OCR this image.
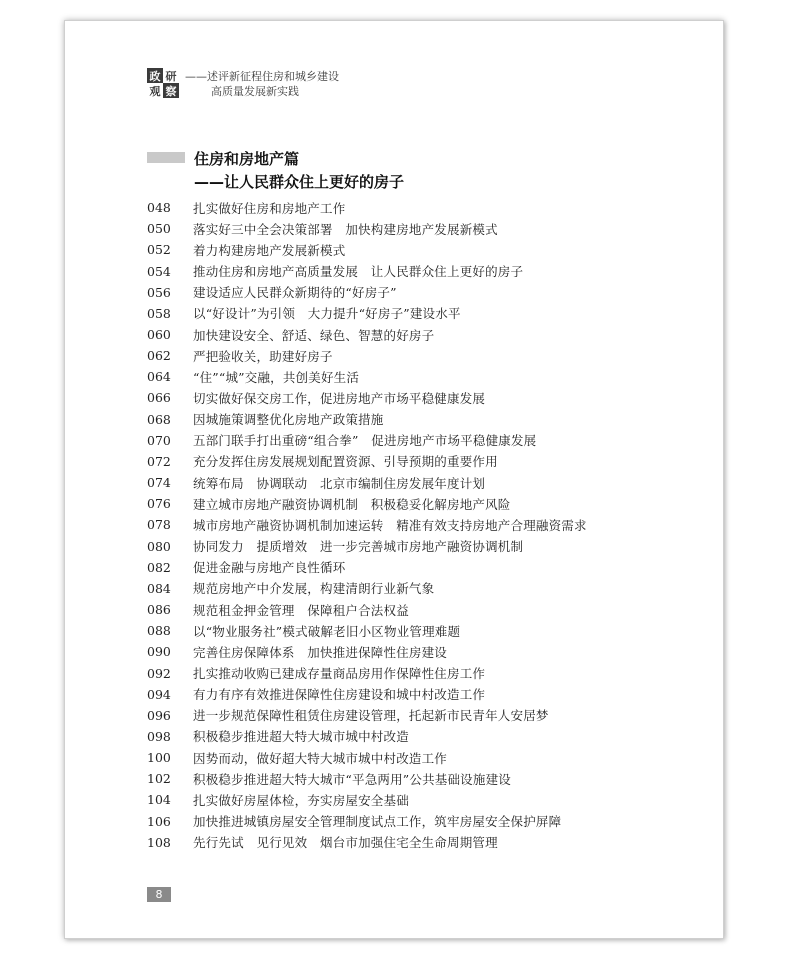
政 研
观 察
——述评新征程住房和城乡建设
高质量发展新实践
住房和房地产篇
——让人民群众住上更好的房子
048	扎实做好住房和房地产工作
050	落实好三中全会决策部署　加快构建房地产发展新模式
052	着力构建房地产发展新模式
054	推动住房和房地产高质量发展　让人民群众住上更好的房子
056	建设适应人民群众新期待的“好房子”
058	以“好设计”为引领　大力提升“好房子”建设水平
060	加快建设安全、舒适、绿色、智慧的好房子
062	严把验收关，助建好房子
064	“住”“城”交融，共创美好生活
066	切实做好保交房工作，促进房地产市场平稳健康发展
068	因城施策调整优化房地产政策措施
070	五部门联手打出重磅“组合拳”　促进房地产市场平稳健康发展
072	充分发挥住房发展规划配置资源、引导预期的重要作用
074	统筹布局　协调联动　北京市编制住房发展年度计划
076	建立城市房地产融资协调机制　积极稳妥化解房地产风险
078	城市房地产融资协调机制加速运转　精准有效支持房地产合理融资需求
080	协同发力　提质增效　进一步完善城市房地产融资协调机制
082	促进金融与房地产良性循环
084	规范房地产中介发展，构建清朗行业新气象
086	规范租金押金管理　保障租户合法权益
088	以“物业服务社”模式破解老旧小区物业管理难题
090	完善住房保障体系　加快推进保障性住房建设
092	扎实推动收购已建成存量商品房用作保障性住房工作
094	有力有序有效推进保障性住房建设和城中村改造工作
096	进一步规范保障性租赁住房建设管理，托起新市民青年人安居梦
098	积极稳步推进超大特大城市城中村改造
100	因势而动，做好超大特大城市城中村改造工作
102	积极稳步推进超大特大城市“平急两用”公共基础设施建设
104	扎实做好房屋体检，夯实房屋安全基础
106	加快推进城镇房屋安全管理制度试点工作，筑牢房屋安全保护屏障
108	先行先试　见行见效　烟台市加强住宅全生命周期管理
8
